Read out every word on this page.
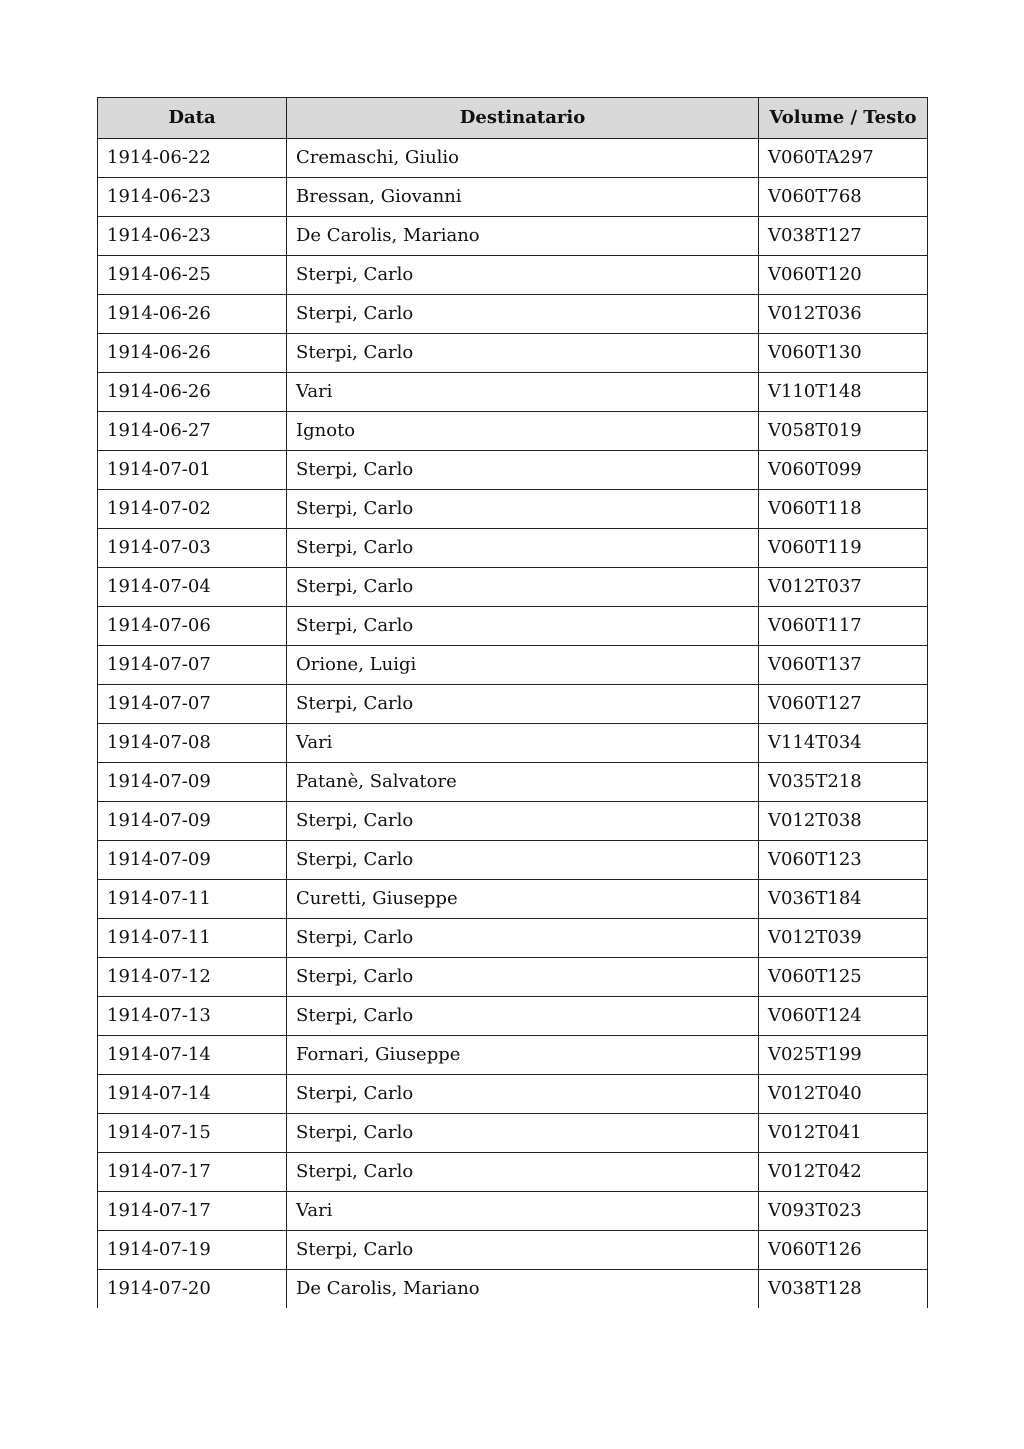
Data	Destinatario	Volume / Testo
1914-06-22	Cremaschi, Giulio	V060TA297
1914-06-23	Bressan, Giovanni	V060T768
1914-06-23	De Carolis, Mariano	V038T127
1914-06-25	Sterpi, Carlo	V060T120
1914-06-26	Sterpi, Carlo	V012T036
1914-06-26	Sterpi, Carlo	V060T130
1914-06-26	Vari	V110T148
1914-06-27	Ignoto	V058T019
1914-07-01	Sterpi, Carlo	V060T099
1914-07-02	Sterpi, Carlo	V060T118
1914-07-03	Sterpi, Carlo	V060T119
1914-07-04	Sterpi, Carlo	V012T037
1914-07-06	Sterpi, Carlo	V060T117
1914-07-07	Orione, Luigi	V060T137
1914-07-07	Sterpi, Carlo	V060T127
1914-07-08	Vari	V114T034
1914-07-09	Patanè, Salvatore	V035T218
1914-07-09	Sterpi, Carlo	V012T038
1914-07-09	Sterpi, Carlo	V060T123
1914-07-11	Curetti, Giuseppe	V036T184
1914-07-11	Sterpi, Carlo	V012T039
1914-07-12	Sterpi, Carlo	V060T125
1914-07-13	Sterpi, Carlo	V060T124
1914-07-14	Fornari, Giuseppe	V025T199
1914-07-14	Sterpi, Carlo	V012T040
1914-07-15	Sterpi, Carlo	V012T041
1914-07-17	Sterpi, Carlo	V012T042
1914-07-17	Vari	V093T023
1914-07-19	Sterpi, Carlo	V060T126
1914-07-20	De Carolis, Mariano	V038T128
